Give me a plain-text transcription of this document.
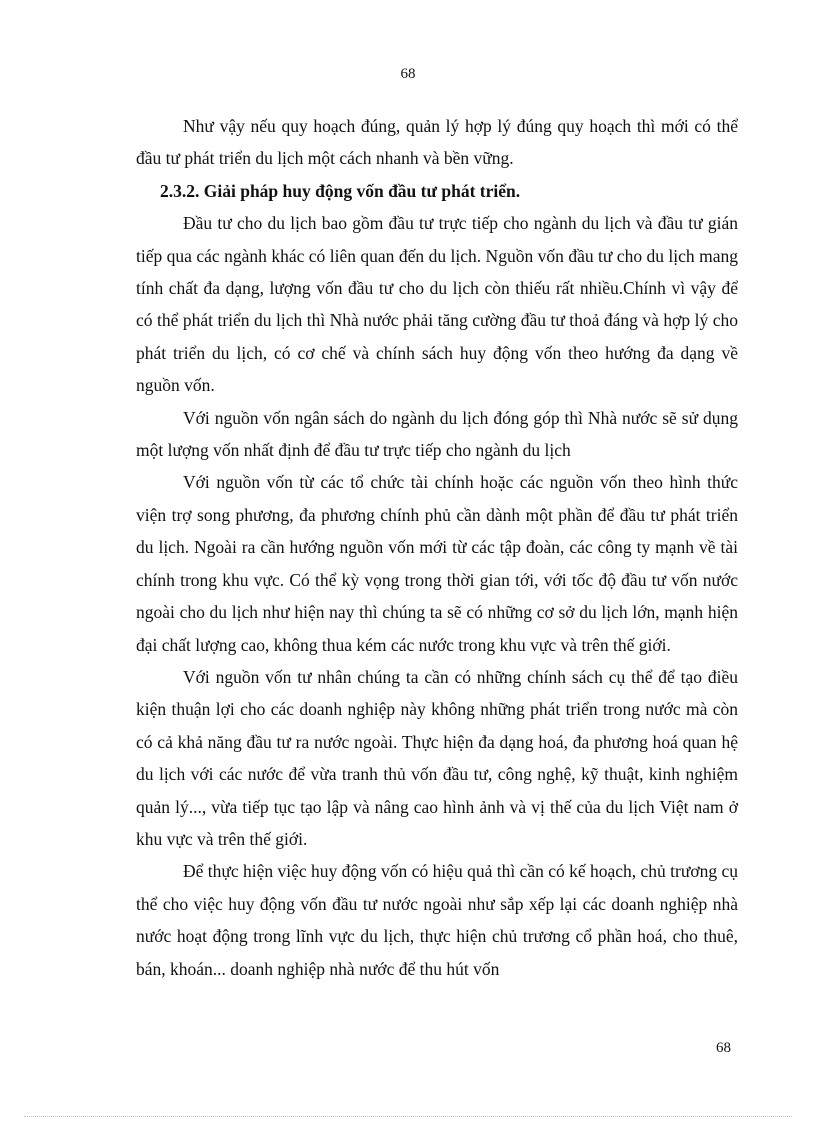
68

Như vậy nếu quy hoạch đúng, quản lý hợp lý đúng quy hoạch thì mới có thể đầu tư phát triển du lịch một cách nhanh và bền vững.

2.3.2. Giải pháp huy động vốn đầu tư phát triển.

Đầu tư cho du lịch bao gồm đầu tư trực tiếp cho ngành du lịch và đầu tư gián tiếp qua các ngành khác có liên quan đến du lịch. Nguồn vốn đầu tư cho du lịch mang tính chất đa dạng, lượng vốn đầu tư cho du lịch còn thiếu rất nhiều.Chính vì vậy để có thể phát triển du lịch thì Nhà nước phải tăng cường đầu tư thoả đáng và hợp lý cho phát triển du lịch, có cơ chế và chính sách huy động vốn theo hướng đa dạng về nguồn vốn.

Với nguồn vốn ngân sách do ngành du lịch đóng góp thì Nhà nước sẽ sử dụng một lượng vốn nhất định để đầu tư trực tiếp cho ngành du lịch

Với nguồn vốn từ các tổ chức tài chính hoặc các nguồn vốn theo hình thức viện trợ song phương, đa phương chính phủ cần dành một phần để đầu tư phát triển du lịch. Ngoài ra cần hướng nguồn vốn mới từ các tập đoàn, các công ty mạnh về tài chính trong khu vực. Có thể kỳ vọng trong thời gian tới, với tốc độ đầu tư vốn nước ngoài cho du lịch như hiện nay thì chúng ta sẽ có những cơ sở du lịch lớn, mạnh hiện đại chất lượng cao, không thua kém các nước trong khu vực và trên thế giới.

Với nguồn vốn tư nhân chúng ta cần có những chính sách cụ thể để tạo điều kiện thuận lợi cho các doanh nghiệp này không những phát triển trong nước mà còn có cả khả năng đầu tư ra nước ngoài. Thực hiện đa dạng hoá, đa phương hoá quan hệ du lịch với các nước để vừa tranh thủ vốn đầu tư, công nghệ, kỹ thuật, kinh nghiệm quản lý..., vừa tiếp tục tạo lập và nâng cao hình ảnh và vị thế của du lịch Việt nam ở khu vực và trên thế giới.

Để thực hiện việc huy động vốn có hiệu quả thì cần có kế hoạch, chủ trương cụ thể cho việc huy động vốn đầu tư nước ngoài như sắp xếp lại các doanh nghiệp nhà nước hoạt động trong lĩnh vực du lịch, thực hiện chủ trương cổ phần hoá, cho thuê, bán, khoán... doanh nghiệp nhà nước để thu hút vốn

68
